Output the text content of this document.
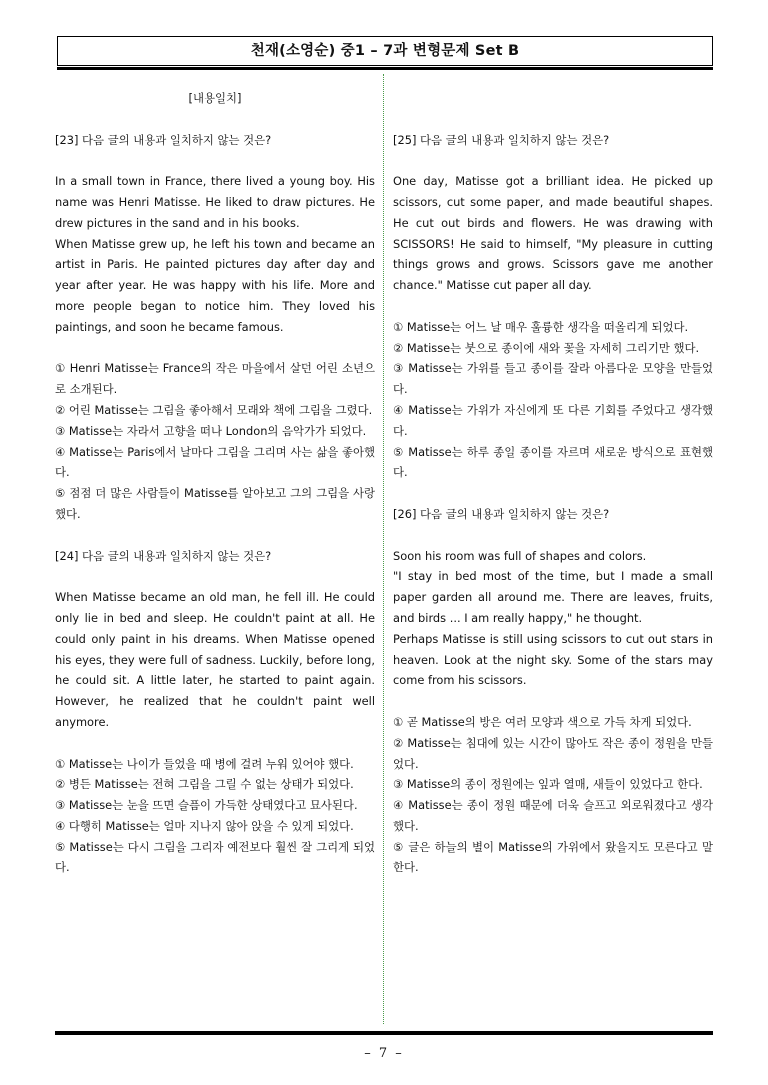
천재(소영순) 중1 – 7과 변형문제 Set B

[내용일치]

[23] 다음 글의 내용과 일치하지 않는 것은?

In a small town in France, there lived a young boy. His name was Henri Matisse. He liked to draw pictures. He drew pictures in the sand and in his books.

When Matisse grew up, he left his town and became an artist in Paris. He painted pictures day after day and year after year. He was happy with his life. More and more people began to notice him. They loved his paintings, and soon he became famous.

① Henri Matisse는 France의 작은 마을에서 살던 어린 소년으로 소개된다.

② 어린 Matisse는 그림을 좋아해서 모래와 책에 그림을 그렸다.

③ Matisse는 자라서 고향을 떠나 London의 음악가가 되었다.

④ Matisse는 Paris에서 날마다 그림을 그리며 사는 삶을 좋아했다.

⑤ 점점 더 많은 사람들이 Matisse를 알아보고 그의 그림을 사랑했다.

[24] 다음 글의 내용과 일치하지 않는 것은?

When Matisse became an old man, he fell ill. He could only lie in bed and sleep. He couldn't paint at all. He could only paint in his dreams. When Matisse opened his eyes, they were full of sadness. Luckily, before long, he could sit. A little later, he started to paint again. However, he realized that he couldn't paint well anymore.

① Matisse는 나이가 들었을 때 병에 걸려 누워 있어야 했다.

② 병든 Matisse는 전혀 그림을 그릴 수 없는 상태가 되었다.

③ Matisse는 눈을 뜨면 슬픔이 가득한 상태였다고 묘사된다.

④ 다행히 Matisse는 얼마 지나지 않아 앉을 수 있게 되었다.

⑤ Matisse는 다시 그림을 그리자 예전보다 훨씬 잘 그리게 되었다.

[25] 다음 글의 내용과 일치하지 않는 것은?

One day, Matisse got a brilliant idea. He picked up scissors, cut some paper, and made beautiful shapes. He cut out birds and flowers. He was drawing with SCISSORS! He said to himself, "My pleasure in cutting things grows and grows. Scissors gave me another chance." Matisse cut paper all day.

① Matisse는 어느 날 매우 훌륭한 생각을 떠올리게 되었다.

② Matisse는 붓으로 종이에 새와 꽃을 자세히 그리기만 했다.

③ Matisse는 가위를 들고 종이를 잘라 아름다운 모양을 만들었다.

④ Matisse는 가위가 자신에게 또 다른 기회를 주었다고 생각했다.

⑤ Matisse는 하루 종일 종이를 자르며 새로운 방식으로 표현했다.

[26] 다음 글의 내용과 일치하지 않는 것은?

Soon his room was full of shapes and colors.

"I stay in bed most of the time, but I made a small paper garden all around me. There are leaves, fruits, and birds ... I am really happy," he thought.

Perhaps Matisse is still using scissors to cut out stars in heaven. Look at the night sky. Some of the stars may come from his scissors.

① 곧 Matisse의 방은 여러 모양과 색으로 가득 차게 되었다.

② Matisse는 침대에 있는 시간이 많아도 작은 종이 정원을 만들었다.

③ Matisse의 종이 정원에는 잎과 열매, 새들이 있었다고 한다.

④ Matisse는 종이 정원 때문에 더욱 슬프고 외로워졌다고 생각했다.

⑤ 글은 하늘의 별이 Matisse의 가위에서 왔을지도 모른다고 말한다.

– 7 –
